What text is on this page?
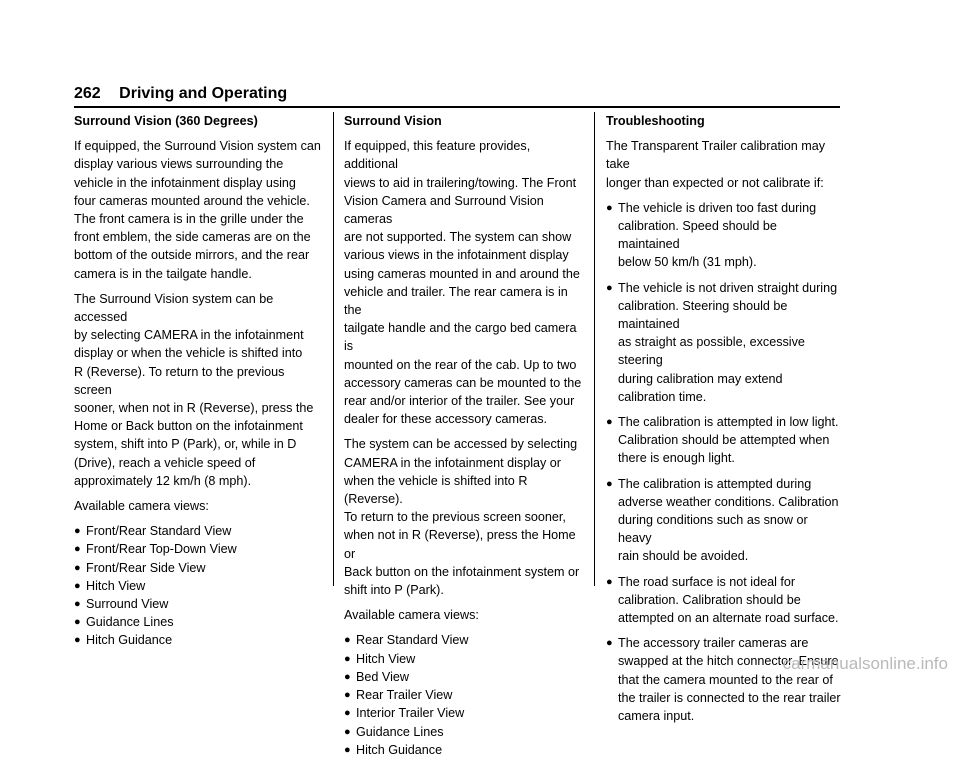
262 Driving and Operating
Surround Vision (360 Degrees)

If equipped, the Surround Vision system can
display various views surrounding the
vehicle in the infotainment display using
four cameras mounted around the vehicle.
The front camera is in the grille under the
front emblem, the side cameras are on the
bottom of the outside mirrors, and the rear
camera is in the tailgate handle.

The Surround Vision system can be accessed
by selecting CAMERA in the infotainment
display or when the vehicle is shifted into
R (Reverse). To return to the previous screen
sooner, when not in R (Reverse), press the
Home or Back button on the infotainment
system, shift into P (Park), or, while in D
(Drive), reach a vehicle speed of
approximately 12 km/h (8 mph).

Available camera views:

● Front/Rear Standard View
● Front/Rear Top-Down View
● Front/Rear Side View
● Hitch View
● Surround View
● Guidance Lines
● Hitch Guidance
Surround Vision

If equipped, this feature provides, additional
views to aid in trailering/towing. The Front
Vision Camera and Surround Vision cameras
are not supported. The system can show
various views in the infotainment display
using cameras mounted in and around the
vehicle and trailer. The rear camera is in the
tailgate handle and the cargo bed camera is
mounted on the rear of the cab. Up to two
accessory cameras can be mounted to the
rear and/or interior of the trailer. See your
dealer for these accessory cameras.

The system can be accessed by selecting
CAMERA in the infotainment display or
when the vehicle is shifted into R (Reverse).
To return to the previous screen sooner,
when not in R (Reverse), press the Home or
Back button on the infotainment system or
shift into P (Park).

Available camera views:

● Rear Standard View
● Hitch View
● Bed View
● Rear Trailer View
● Interior Trailer View
● Guidance Lines
● Hitch Guidance
Troubleshooting

The Transparent Trailer calibration may take
longer than expected or not calibrate if:

● The vehicle is driven too fast during
calibration. Speed should be maintained
below 50 km/h (31 mph).
● The vehicle is not driven straight during
calibration. Steering should be maintained
as straight as possible, excessive steering
during calibration may extend
calibration time.
● The calibration is attempted in low light.
Calibration should be attempted when
there is enough light.
● The calibration is attempted during
adverse weather conditions. Calibration
during conditions such as snow or heavy
rain should be avoided.
● The road surface is not ideal for
calibration. Calibration should be
attempted on an alternate road surface.
● The accessory trailer cameras are
swapped at the hitch connector. Ensure
that the camera mounted to the rear of
the trailer is connected to the rear trailer
camera input.
carmanualsonline.info
